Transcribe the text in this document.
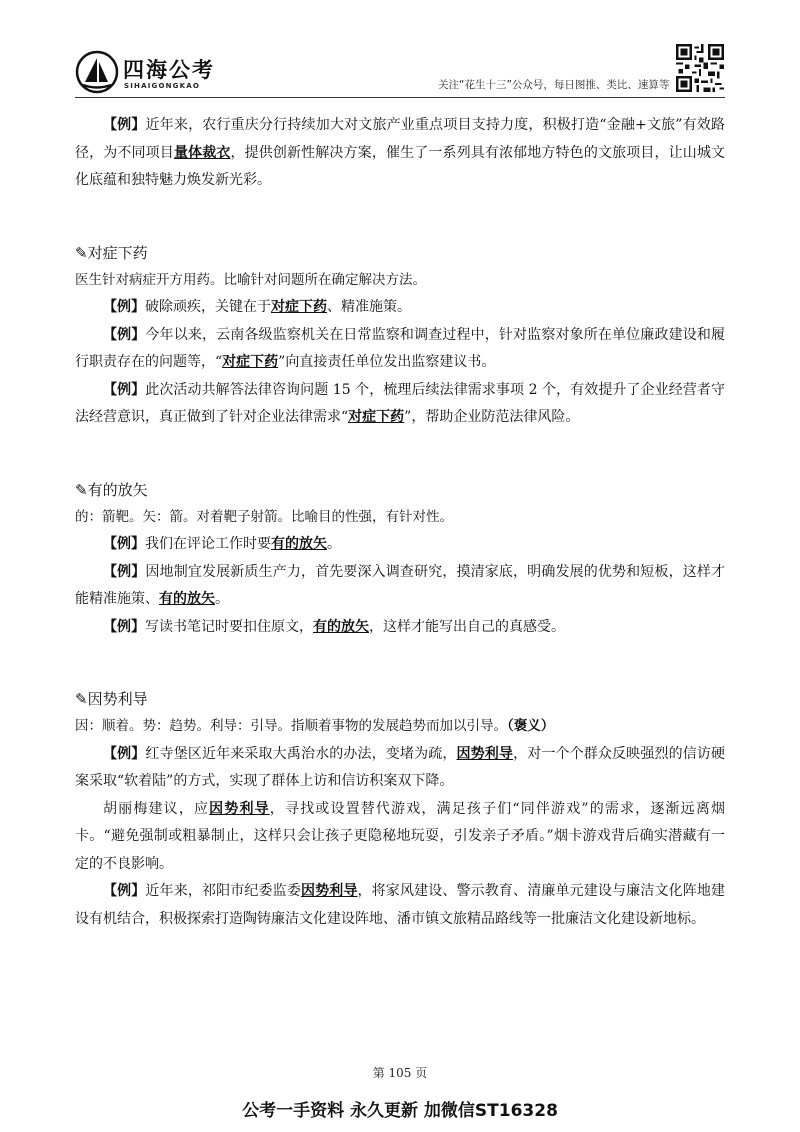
四海公考
SIHAIGONGKAO	关注“花生十三”公众号，每日图推、类比、速算等

【例】近年来，农行重庆分行持续加大对文旅产业重点项目支持力度，积极打造“金融+文旅”有效路径，为不同项目量体裁衣，提供创新性解决方案，催生了一系列具有浓郁地方特色的文旅项目，让山城文化底蕴和独特魅力焕发新光彩。

✎对症下药

医生针对病症开方用药。比喻针对问题所在确定解决方法。

【例】破除顽疾，关键在于对症下药、精准施策。

【例】今年以来，云南各级监察机关在日常监察和调查过程中，针对监察对象所在单位廉政建设和履行职责存在的问题等，“对症下药”向直接责任单位发出监察建议书。

【例】此次活动共解答法律咨询问题 15 个，梳理后续法律需求事项 2 个，有效提升了企业经营者守法经营意识，真正做到了针对企业法律需求“对症下药”，帮助企业防范法律风险。

✎有的放矢

的：箭靶。矢：箭。对着靶子射箭。比喻目的性强，有针对性。

【例】我们在评论工作时要有的放矢。

【例】因地制宜发展新质生产力，首先要深入调查研究，摸清家底，明确发展的优势和短板，这样才能精准施策、有的放矢。

【例】写读书笔记时要扣住原文，有的放矢，这样才能写出自己的真感受。

✎因势利导

因：顺着。势：趋势。利导：引导。指顺着事物的发展趋势而加以引导。（褒义）

【例】红寺堡区近年来采取大禹治水的办法，变堵为疏，因势利导，对一个个群众反映强烈的信访硬案采取“软着陆”的方式，实现了群体上访和信访积案双下降。

胡丽梅建议，应因势利导，寻找或设置替代游戏，满足孩子们“同伴游戏”的需求，逐渐远离烟卡。“避免强制或粗暴制止，这样只会让孩子更隐秘地玩耍，引发亲子矛盾。”烟卡游戏背后确实潜藏有一定的不良影响。

【例】近年来，祁阳市纪委监委因势利导，将家风建设、警示教育、清廉单元建设与廉洁文化阵地建设有机结合，积极探索打造陶铸廉洁文化建设阵地、潘市镇文旅精品路线等一批廉洁文化建设新地标。

第 105 页
公考一手资料 永久更新 加微信ST16328
